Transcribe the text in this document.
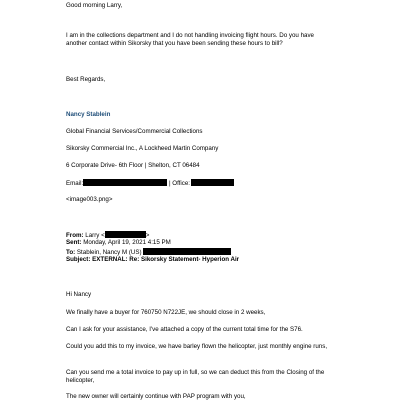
Good morning Larry,
I am in the collections department and I do not handling invoicing flight hours. Do you have another contact within Sikorsky that you have been sending these hours to bill?
Best Regards,
Nancy Stablein
Global Financial Services/Commercial Collections
Sikorsky Commercial Inc., A Lockheed Martin Company
6 Corporate Drive- 6th Floor | Shelton, CT 06484
Email:	| Office:
<image003.png>
From: Larry <	>
Sent: Monday, April 19, 2021 4:15 PM
To: Stablein, Nancy M (US)
Subject: EXTERNAL: Re: Sikorsky Statement- Hyperion Air
Hi Nancy
We finally have a buyer for 760750 N722JE, we should close in 2 weeks,
Can I ask for your assistance, I've attached a copy of the current total time for the S76.
Could you add this to my invoice, we have barley flown the helicopter, just monthly engine runs,
Can you send me a total invoice to pay up in full, so we can deduct this from the Closing of the helicopter,
The new owner will certainly continue with PAP program with you,
